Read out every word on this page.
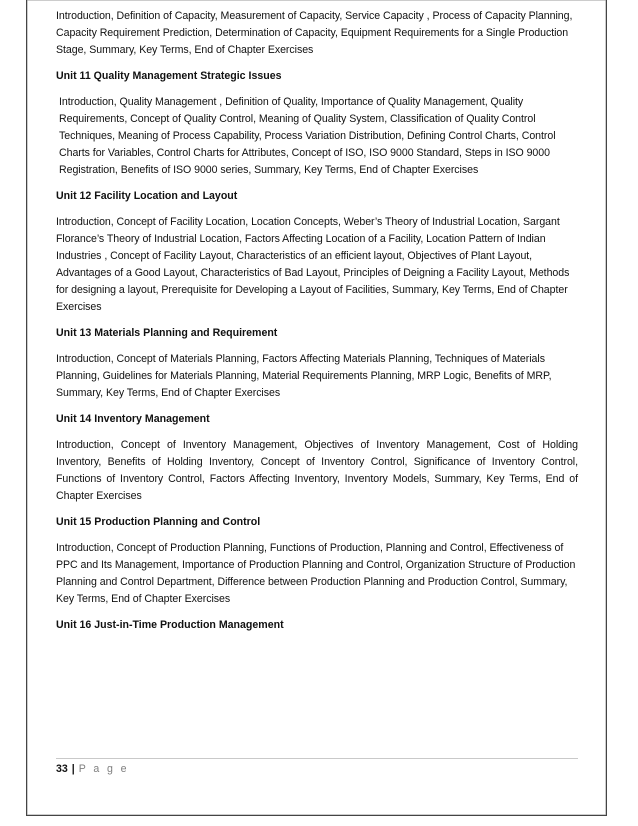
Introduction, Definition of Capacity, Measurement of Capacity, Service Capacity , Process of Capacity Planning, Capacity Requirement Prediction, Determination of Capacity, Equipment Requirements for a Single Production Stage, Summary, Key Terms, End of Chapter Exercises

Unit 11 Quality Management Strategic Issues

Introduction, Quality Management , Definition of Quality, Importance of Quality Management, Quality Requirements, Concept of Quality Control, Meaning of Quality System, Classification of Quality Control Techniques, Meaning of Process Capability, Process Variation Distribution, Defining Control Charts, Control Charts for Variables, Control Charts for Attributes, Concept of ISO, ISO 9000 Standard, Steps in ISO 9000 Registration, Benefits of ISO 9000 series, Summary, Key Terms, End of Chapter Exercises

Unit 12 Facility Location and Layout

Introduction, Concept of Facility Location, Location Concepts, Weber’s Theory of Industrial Location, Sargant Florance’s Theory of Industrial Location, Factors Affecting Location of a Facility, Location Pattern of Indian Industries , Concept of Facility Layout, Characteristics of an efficient layout, Objectives of Plant Layout, Advantages of a Good Layout, Characteristics of Bad Layout, Principles of Deigning a Facility Layout, Methods for designing a layout, Prerequisite for Developing a Layout of Facilities, Summary, Key Terms, End of Chapter Exercises

Unit 13 Materials Planning and Requirement

Introduction, Concept of Materials Planning, Factors Affecting Materials Planning, Techniques of Materials Planning, Guidelines for Materials Planning, Material Requirements Planning, MRP Logic, Benefits of MRP, Summary, Key Terms, End of Chapter Exercises

Unit 14 Inventory Management

Introduction, Concept of Inventory Management, Objectives of Inventory Management, Cost of Holding Inventory, Benefits of Holding Inventory, Concept of Inventory Control, Significance of Inventory Control, Functions of Inventory Control, Factors Affecting Inventory, Inventory Models, Summary, Key Terms, End of Chapter Exercises

Unit 15 Production Planning and Control

Introduction, Concept of Production Planning, Functions of Production, Planning and Control, Effectiveness of PPC and Its Management, Importance of Production Planning and Control, Organization Structure of Production Planning and Control Department, Difference between Production Planning and Production Control, Summary, Key Terms, End of Chapter Exercises

Unit 16 Just-in-Time Production Management

33 | P a g e
